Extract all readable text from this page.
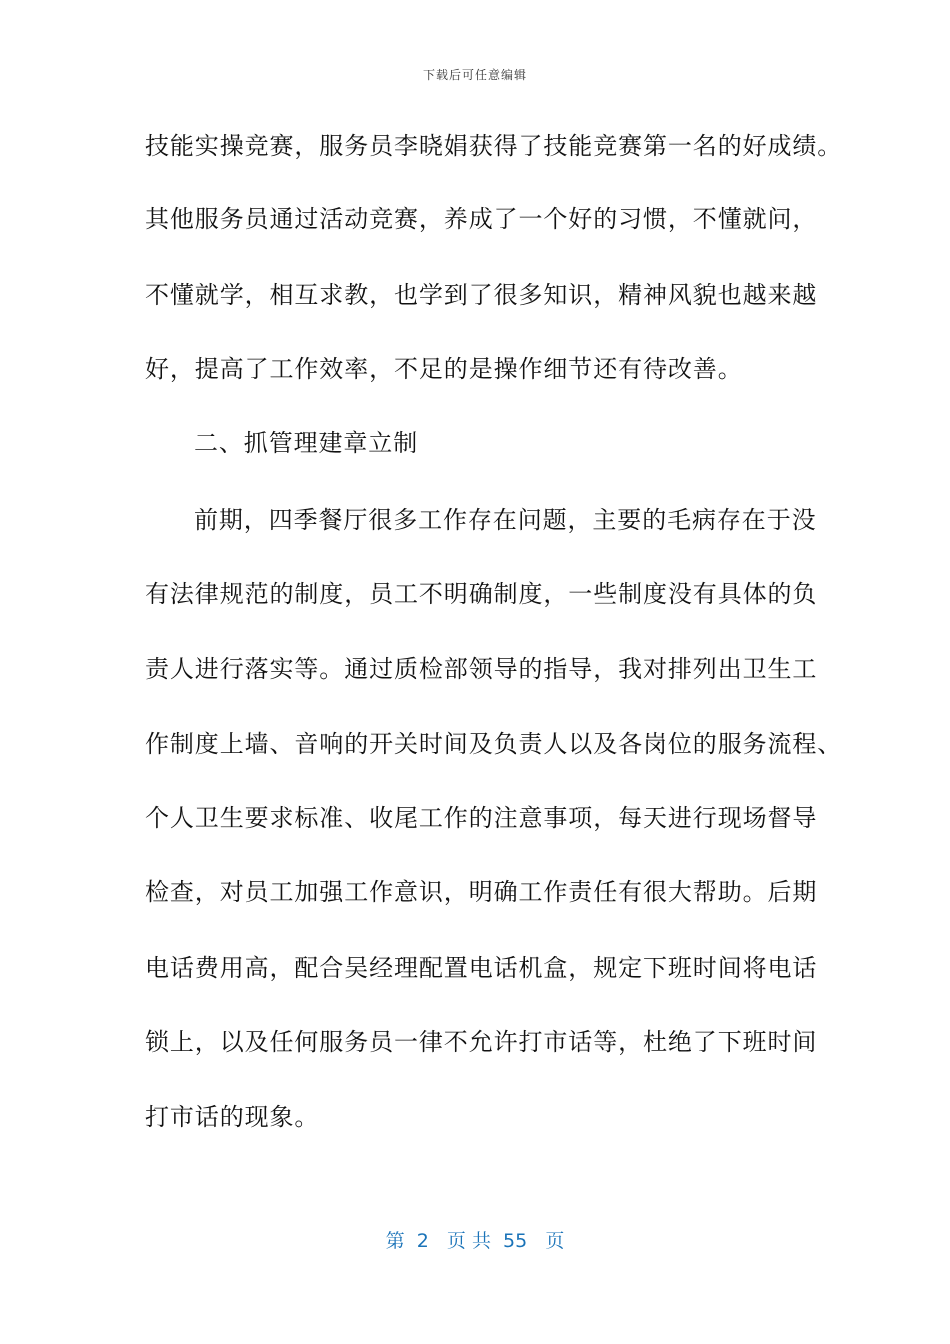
下载后可任意编辑
技能实操竞赛，服务员李晓娟获得了技能竞赛第一名的好成绩。
其他服务员通过活动竞赛，养成了一个好的习惯，不懂就问，
不懂就学，相互求教，也学到了很多知识，精神风貌也越来越
好，提高了工作效率，不足的是操作细节还有待改善。
二、抓管理建章立制
前期，四季餐厅很多工作存在问题，主要的毛病存在于没
有法律规范的制度，员工不明确制度，一些制度没有具体的负
责人进行落实等。通过质检部领导的指导，我对排列出卫生工
作制度上墙、音响的开关时间及负责人以及各岗位的服务流程、
个人卫生要求标准、收尾工作的注意事项，每天进行现场督导
检查，对员工加强工作意识，明确工作责任有很大帮助。后期
电话费用高，配合吴经理配置电话机盒，规定下班时间将电话
锁上，以及任何服务员一律不允许打市话等，杜绝了下班时间
打市话的现象。
第  2   页 共  55   页
